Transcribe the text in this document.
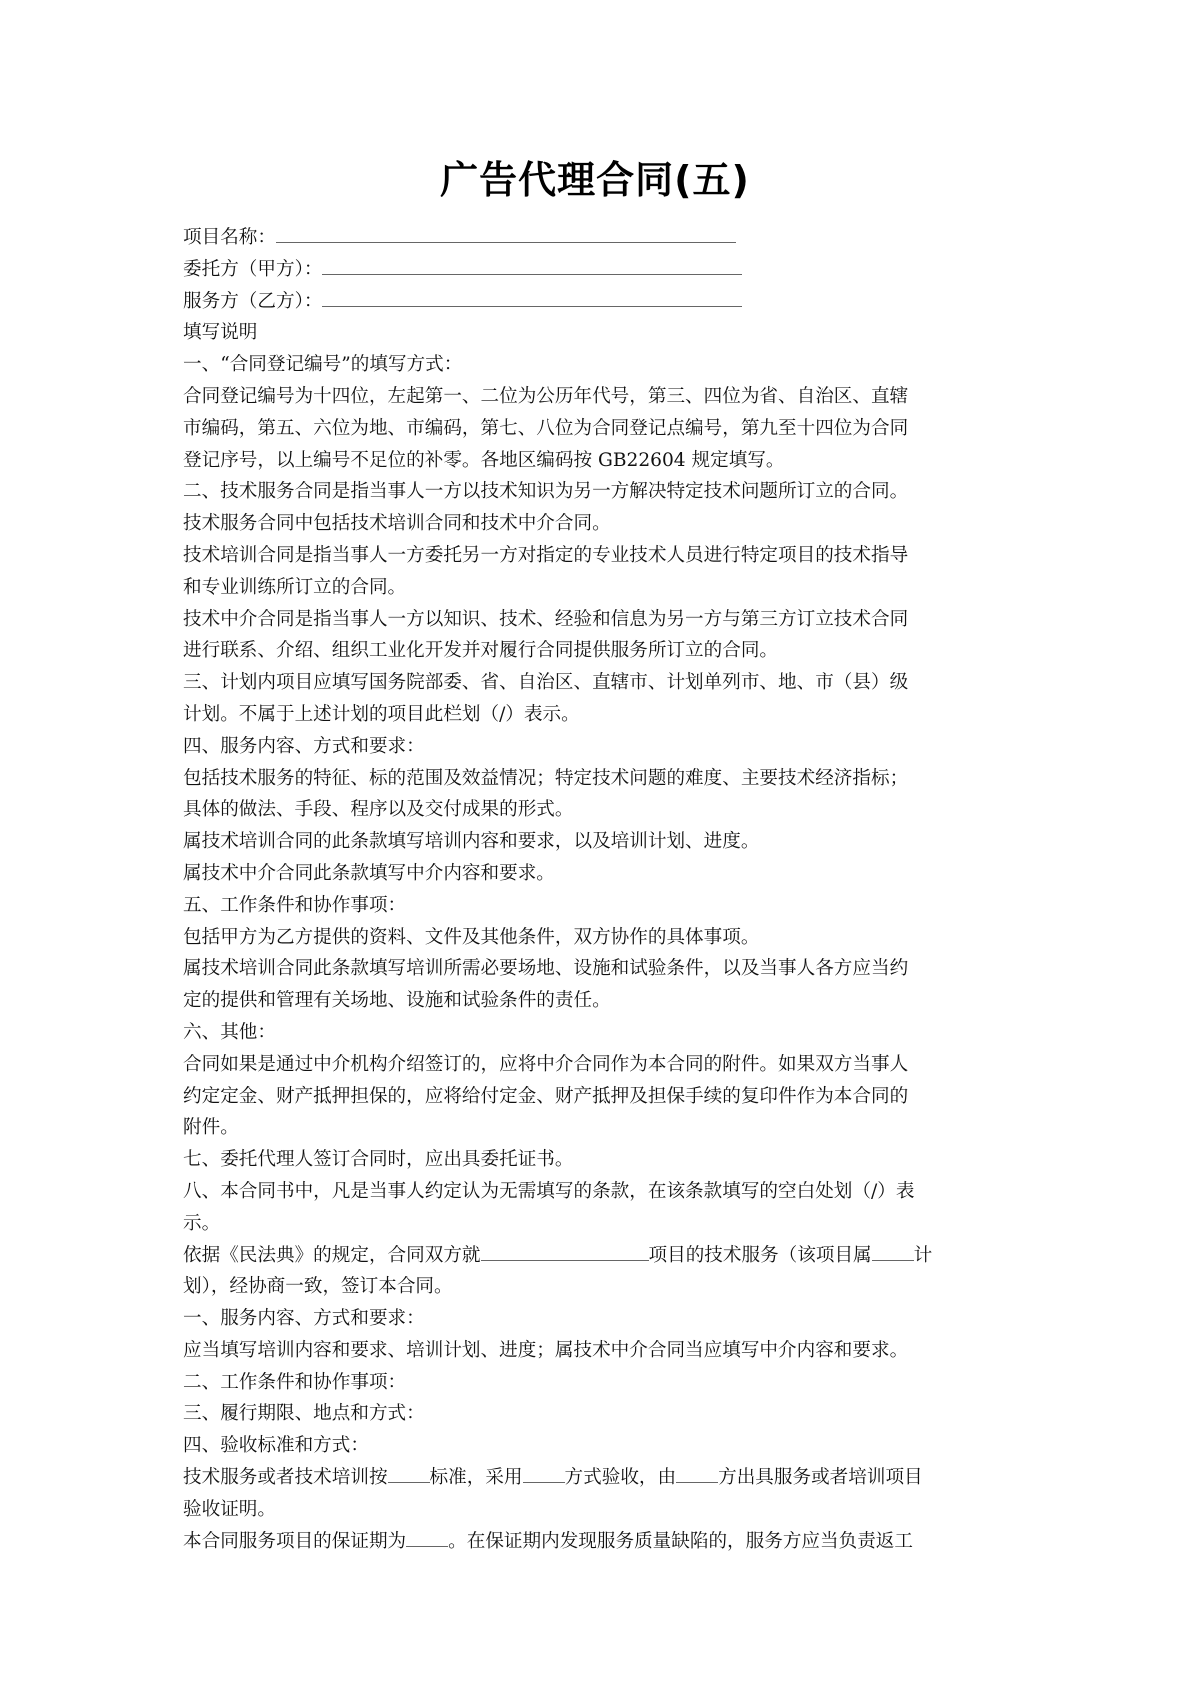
广告代理合同(五)
项目名称：
委托方（甲方）：
服务方（乙方）：
填写说明
一、“合同登记编号”的填写方式：
合同登记编号为十四位，左起第一、二位为公历年代号，第三、四位为省、自治区、直辖
市编码，第五、六位为地、市编码，第七、八位为合同登记点编号，第九至十四位为合同
登记序号，以上编号不足位的补零。各地区编码按 GB22604 规定填写。
二、技术服务合同是指当事人一方以技术知识为另一方解决特定技术问题所订立的合同。
技术服务合同中包括技术培训合同和技术中介合同。
技术培训合同是指当事人一方委托另一方对指定的专业技术人员进行特定项目的技术指导
和专业训练所订立的合同。
技术中介合同是指当事人一方以知识、技术、经验和信息为另一方与第三方订立技术合同
进行联系、介绍、组织工业化开发并对履行合同提供服务所订立的合同。
三、计划内项目应填写国务院部委、省、自治区、直辖市、计划单列市、地、市（县）级
计划。不属于上述计划的项目此栏划（/）表示。
四、服务内容、方式和要求：
包括技术服务的特征、标的范围及效益情况；特定技术问题的难度、主要技术经济指标；
具体的做法、手段、程序以及交付成果的形式。
属技术培训合同的此条款填写培训内容和要求，以及培训计划、进度。
属技术中介合同此条款填写中介内容和要求。
五、工作条件和协作事项：
包括甲方为乙方提供的资料、文件及其他条件，双方协作的具体事项。
属技术培训合同此条款填写培训所需必要场地、设施和试验条件，以及当事人各方应当约
定的提供和管理有关场地、设施和试验条件的责任。
六、其他：
合同如果是通过中介机构介绍签订的，应将中介合同作为本合同的附件。如果双方当事人
约定定金、财产抵押担保的，应将给付定金、财产抵押及担保手续的复印件作为本合同的
附件。
七、委托代理人签订合同时，应出具委托证书。
八、本合同书中，凡是当事人约定认为无需填写的条款，在该条款填写的空白处划（/）表
示。
依据《民法典》的规定，合同双方就	项目的技术服务（该项目属 计
划），经协商一致，签订本合同。
一、服务内容、方式和要求：
应当填写培训内容和要求、培训计划、进度；属技术中介合同当应填写中介内容和要求。
二、工作条件和协作事项：
三、履行期限、地点和方式：
四、验收标准和方式：
技术服务或者技术培训按 标准，采用 方式验收，由 方出具服务或者培训项目
验收证明。
本合同服务项目的保证期为 。在保证期内发现服务质量缺陷的，服务方应当负责返工
